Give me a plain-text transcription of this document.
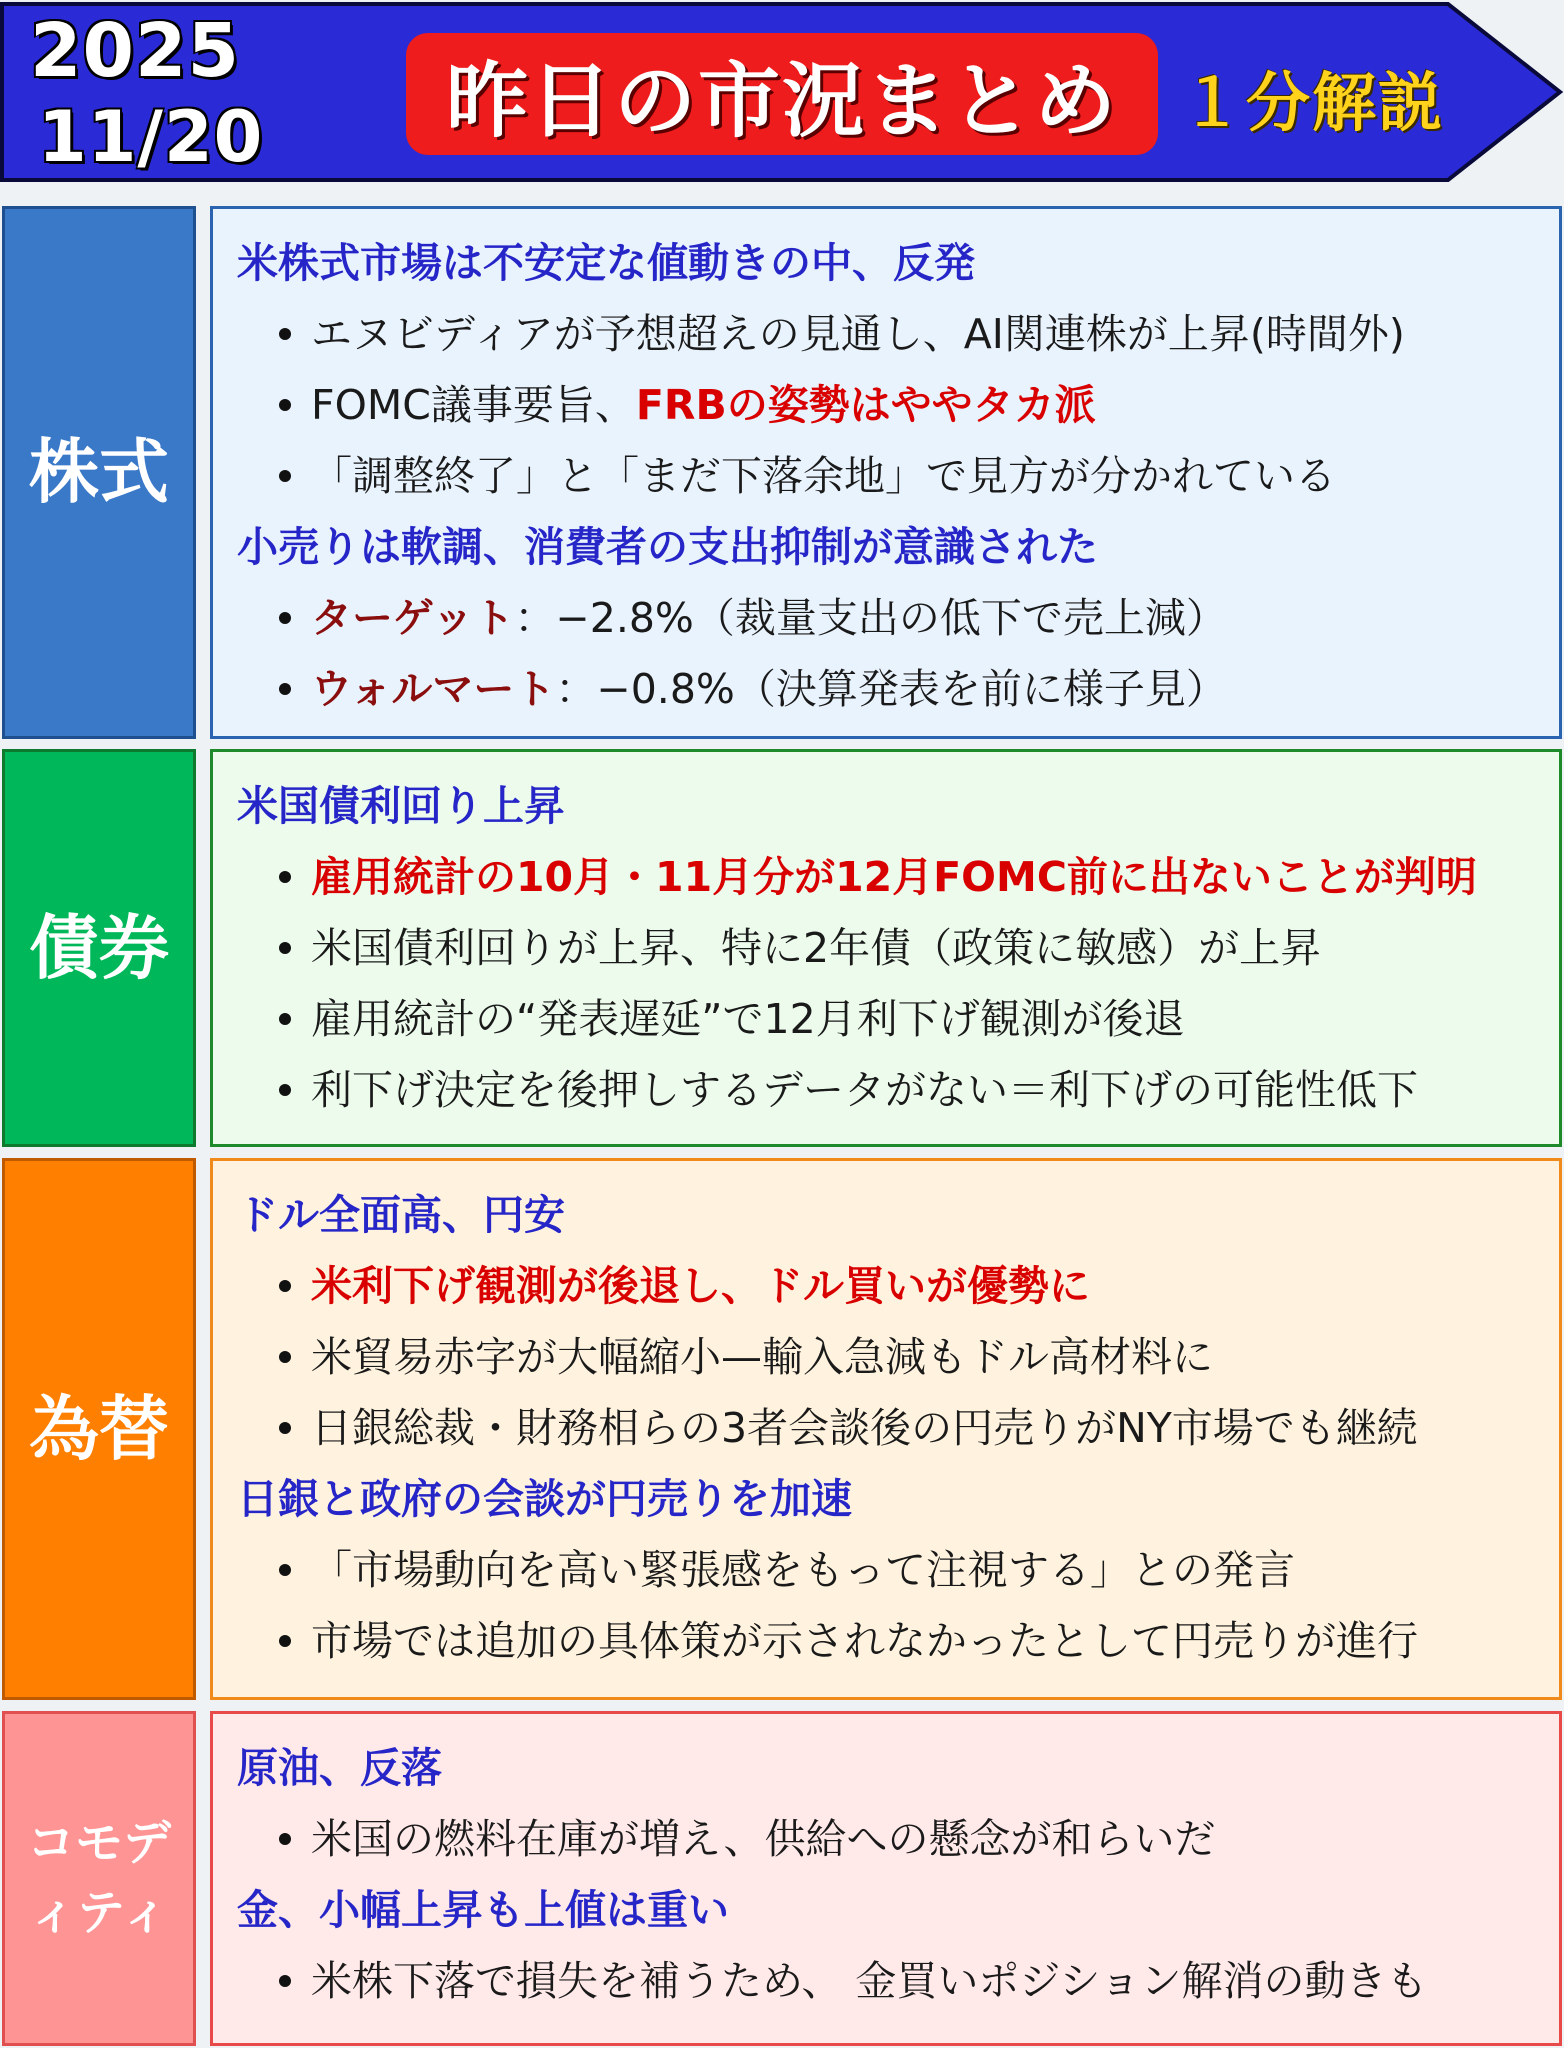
2025
11/20 昨日の市況まとめ １分解説
株式
米株式市場は不安定な値動きの中、反発
エヌビディアが予想超えの見通し、AI関連株が上昇(時間外)
FOMC議事要旨、FRBの姿勢はややタカ派
「調整終了」と「まだ下落余地」で見方が分かれている
小売りは軟調、消費者の支出抑制が意識された
ターゲット：−2.8%（裁量支出の低下で売上減）
ウォルマート：−0.8%（決算発表を前に様子見）
債券
米国債利回り上昇
雇用統計の10月・11月分が12月FOMC前に出ないことが判明
米国債利回りが上昇、特に2年債（政策に敏感）が上昇
雇用統計の“発表遅延”で12月利下げ観測が後退
利下げ決定を後押しするデータがない＝利下げの可能性低下
為替
ドル全面高、円安
米利下げ観測が後退し、ドル買いが優勢に
米貿易赤字が大幅縮小—輸入急減もドル高材料に
日銀総裁・財務相らの3者会談後の円売りがNY市場でも継続
日銀と政府の会談が円売りを加速
「市場動向を高い緊張感をもって注視する」との発言
市場では追加の具体策が示されなかったとして円売りが進行
コモデ
ィティ
原油、反落
米国の燃料在庫が増え、供給への懸念が和らいだ
金、小幅上昇も上値は重い
米株下落で損失を補うため、 金買いポジション解消の動きも
